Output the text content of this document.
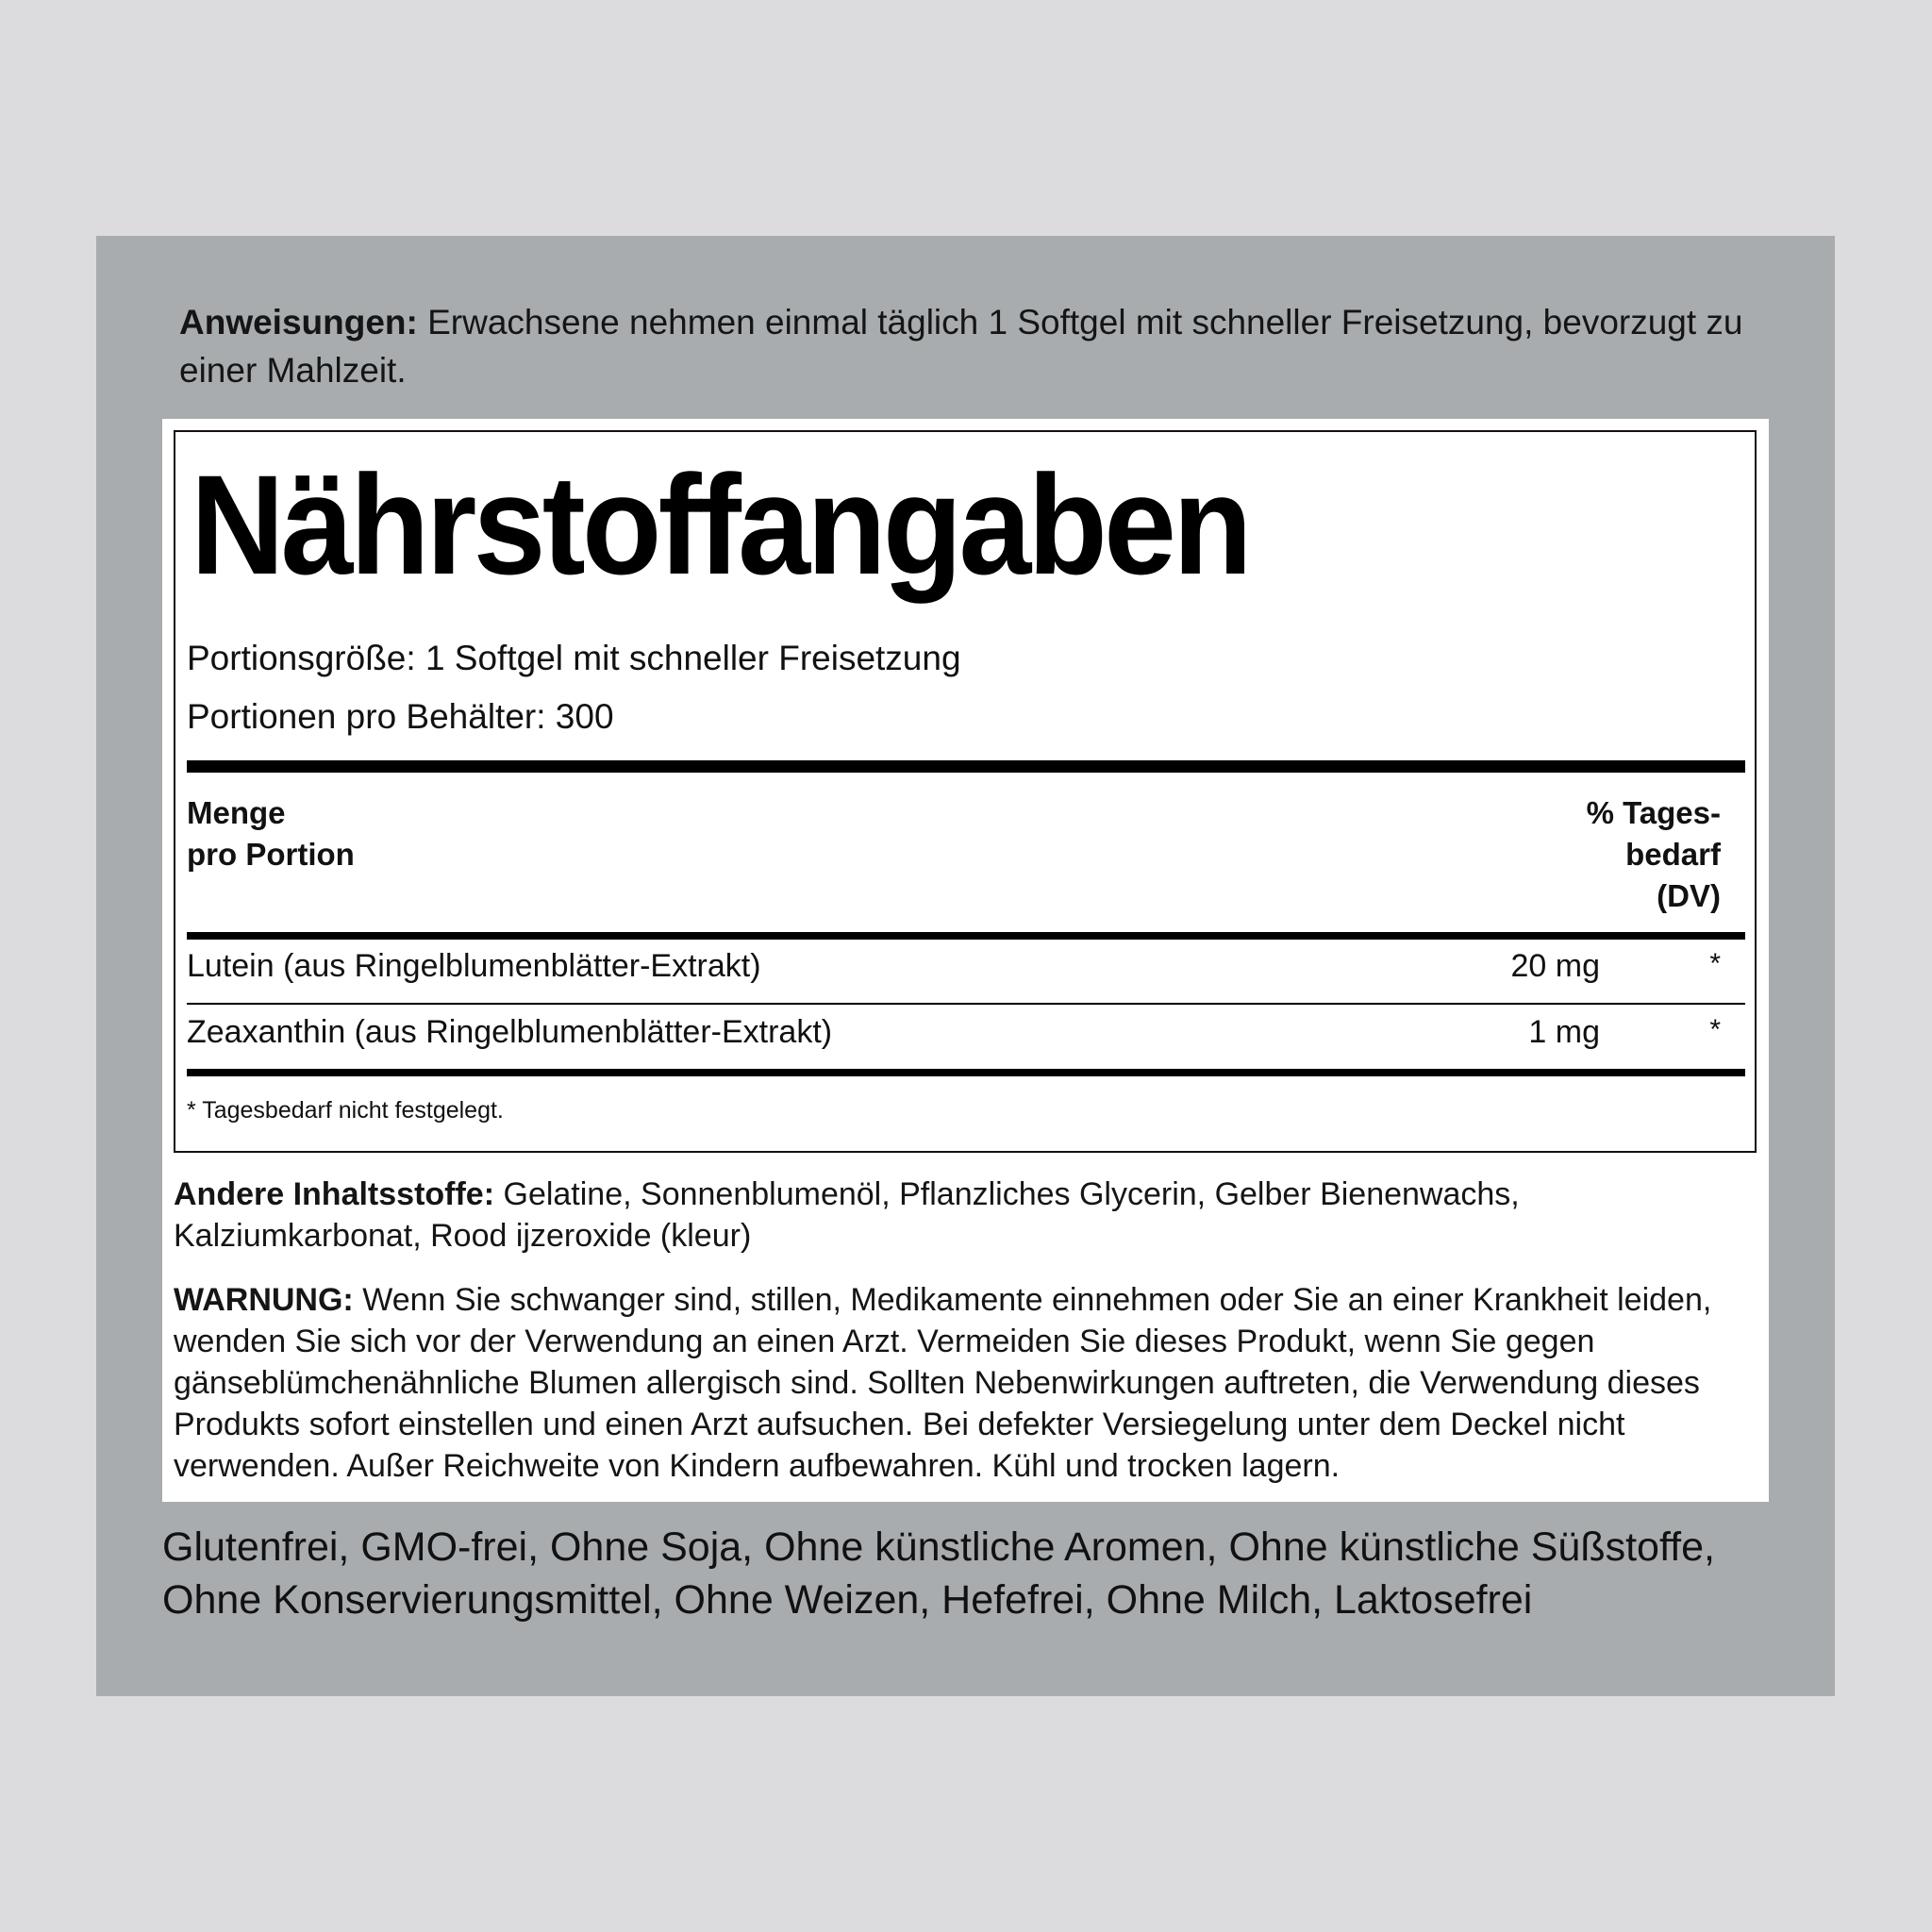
Anweisungen: Erwachsene nehmen einmal täglich 1 Softgel mit schneller Freisetzung, bevorzugt zu einer Mahlzeit.
Nährstoffangaben
Portionsgröße: 1 Softgel mit schneller Freisetzung
Portionen pro Behälter: 300
Menge
pro Portion
% Tages-
bedarf
(DV)
Lutein (aus Ringelblumenblätter-Extrakt)	20 mg	*
Zeaxanthin (aus Ringelblumenblätter-Extrakt)	1 mg	*
* Tagesbedarf nicht festgelegt.
Andere Inhaltsstoffe: Gelatine, Sonnenblumenöl, Pflanzliches Glycerin, Gelber Bienenwachs, Kalziumkarbonat, Rood ijzeroxide (kleur)
WARNUNG: Wenn Sie schwanger sind, stillen, Medikamente einnehmen oder Sie an einer Krankheit leiden, wenden Sie sich vor der Verwendung an einen Arzt. Vermeiden Sie dieses Produkt, wenn Sie gegen gänseblümchenähnliche Blumen allergisch sind. Sollten Nebenwirkungen auftreten, die Verwendung dieses Produkts sofort einstellen und einen Arzt aufsuchen. Bei defekter Versiegelung unter dem Deckel nicht verwenden. Außer Reichweite von Kindern aufbewahren. Kühl und trocken lagern.
Glutenfrei, GMO-frei, Ohne Soja, Ohne künstliche Aromen, Ohne künstliche Süßstoffe, Ohne Konservierungsmittel, Ohne Weizen, Hefefrei, Ohne Milch, Laktosefrei
